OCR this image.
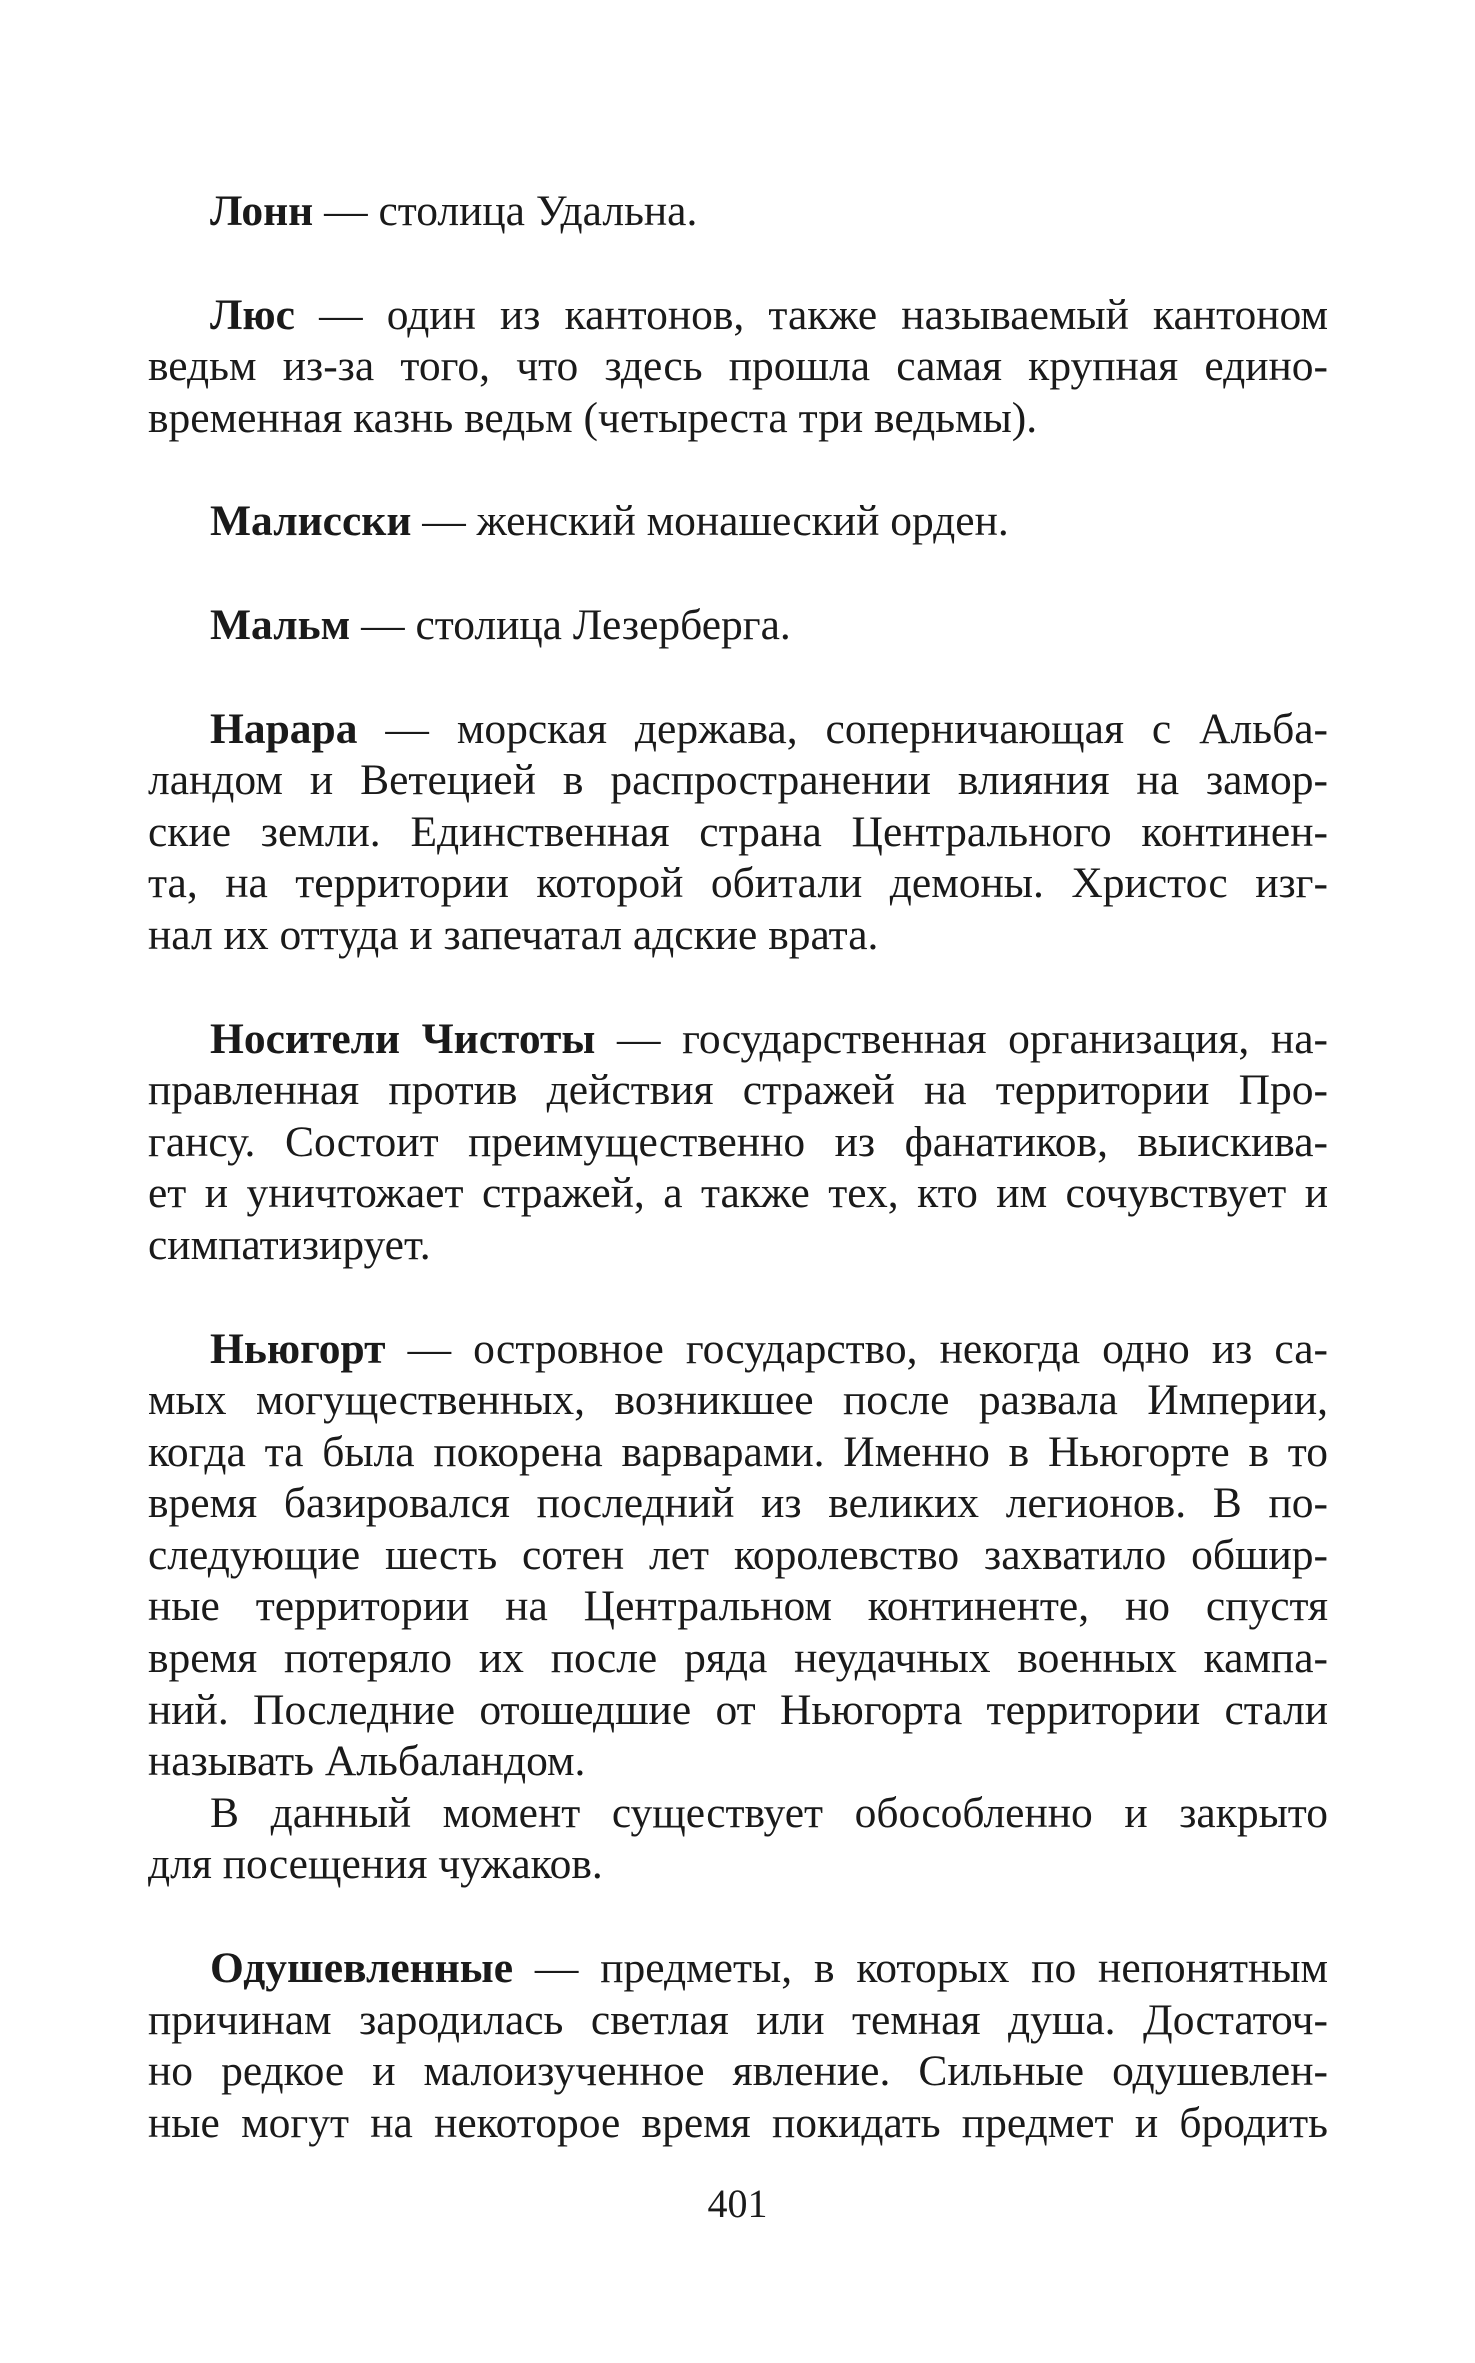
Лонн — столица Удальна.
Люс — один из кантонов, также называемый кантоном
ведьм из-за того, что здесь прошла самая крупная едино-
временная казнь ведьм (четыреста три ведьмы).
Малисски — женский монашеский орден.
Мальм — столица Лезерберга.
Нарара — морская держава, соперничающая с Альба-
ландом и Ветецией в распространении влияния на замор-
ские земли. Единственная страна Центрального континен-
та, на территории которой обитали демоны. Христос изг-
нал их оттуда и запечатал адские врата.
Носители Чистоты — государственная организация, на-
правленная против действия стражей на территории Про-
гансу. Состоит преимущественно из фанатиков, выискива-
ет и уничтожает стражей, а также тех, кто им сочувствует и
симпатизирует.
Ньюгорт — островное государство, некогда одно из са-
мых могущественных, возникшее после развала Империи,
когда та была покорена варварами. Именно в Ньюгорте в то
время базировался последний из великих легионов. В по-
следующие шесть сотен лет королевство захватило обшир-
ные территории на Центральном континенте, но спустя
время потеряло их после ряда неудачных военных кампа-
ний. Последние отошедшие от Ньюгорта территории стали
называть Альбаландом.
В данный момент существует обособленно и закрыто
для посещения чужаков.
Одушевленные — предметы, в которых по непонятным
причинам зародилась светлая или темная душа. Достаточ-
но редкое и малоизученное явление. Сильные одушевлен-
ные могут на некоторое время покидать предмет и бродить
401
